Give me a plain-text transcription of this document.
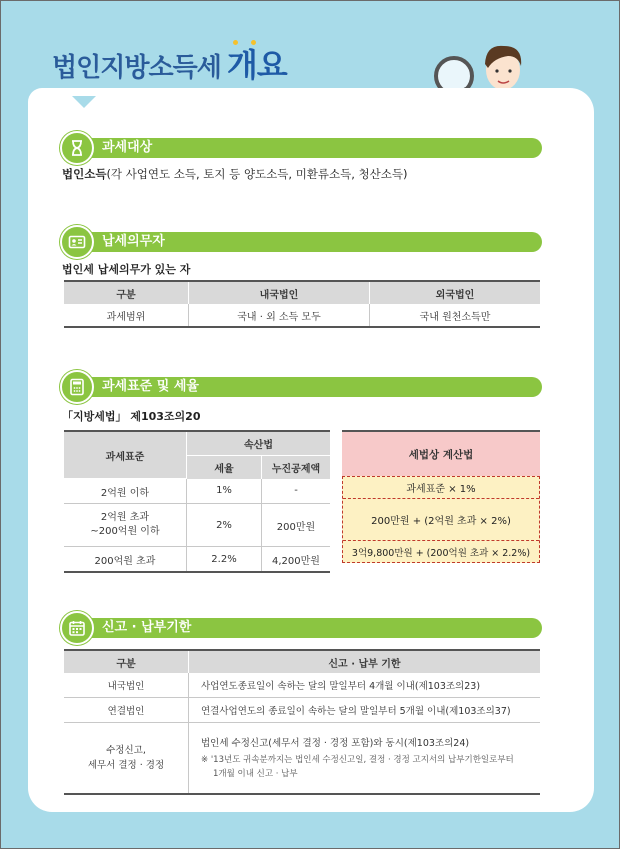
법인지방소득세 개요
과세대상
법인소득(각 사업연도 소득, 토지 등 양도소득, 미환류소득, 청산소득)
납세의무자
법인세 납세의무가 있는 자
구분	내국법인	외국법인
과세범위	국내 · 외 소득 모두	국내 원천소득만
과세표준 및 세율
「지방세법」 제103조의20
과세표준	속산법	
	세율	누진공제액
2억원 이하	1%	-
2억원 초과
~200억원 이하	2%	200만원
200억원 초과	2.2%	4,200만원
세법상 계산법
과세표준 × 1%
200만원 + (2억원 초과 × 2%)
3억9,800만원 + (200억원 초과 × 2.2%)
신고 · 납부기한
구분	신고 · 납부 기한
내국법인	사업연도종료일이 속하는 달의 말일부터 4개월 이내(제103조의23)
연결법인	연결사업연도의 종료일이 속하는 달의 말일부터 5개월 이내(제103조의37)
수정신고,
세무서 결정 · 경정	법인세 수정신고(세무서 결정 · 경정 포함)와 동시(제103조의24)
※ '13년도 귀속분까지는 법인세 수정신고일, 결정 · 경정 고지서의 납부기한일로부터
1개월 이내 신고 · 납부
